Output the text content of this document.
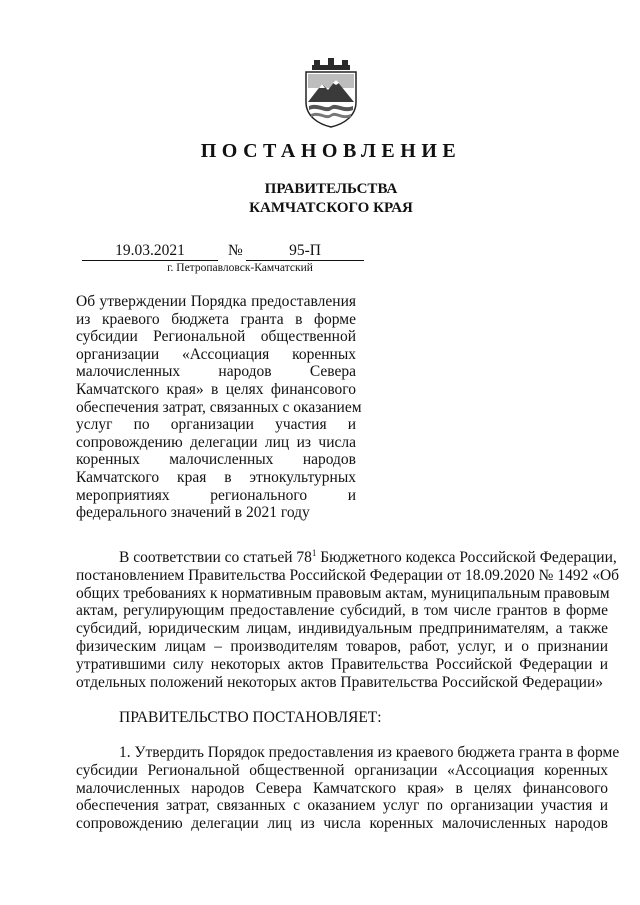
ПОСТАНОВЛЕНИЕ
ПРАВИТЕЛЬСТВА
КАМЧАТСКОГО КРАЯ
19.03.2021	№	95-П
г. Петропавловск-Камчатский
Об утверждении Порядка предоставления
из краевого бюджета гранта в форме
субсидии Региональной общественной
организации «Ассоциация коренных
малочисленных народов Севера
Камчатского края» в целях финансового
обеспечения затрат, связанных с оказанием
услуг по организации участия и
сопровождению делегации лиц из числа
коренных малочисленных народов
Камчатского края в этнокультурных
мероприятиях регионального и
федерального значений в 2021 году
В соответствии со статьей $78^1$ Бюджетного кодекса Российской Федерации,
постановлением Правительства Российской Федерации от 18.09.2020 № 1492 «Об
общих требованиях к нормативным правовым актам, муниципальным правовым
актам, регулирующим предоставление субсидий, в том числе грантов в форме
субсидий, юридическим лицам, индивидуальным предпринимателям, а также
физическим лицам – производителям товаров, работ, услуг, и о признании
утратившими силу некоторых актов Правительства Российской Федерации и
отдельных положений некоторых актов Правительства Российской Федерации»
ПРАВИТЕЛЬСТВО ПОСТАНОВЛЯЕТ:
1. Утвердить Порядок предоставления из краевого бюджета гранта в форме
субсидии Региональной общественной организации «Ассоциация коренных
малочисленных народов Севера Камчатского края» в целях финансового
обеспечения затрат, связанных с оказанием услуг по организации участия и
сопровождению делегации лиц из числа коренных малочисленных народов
